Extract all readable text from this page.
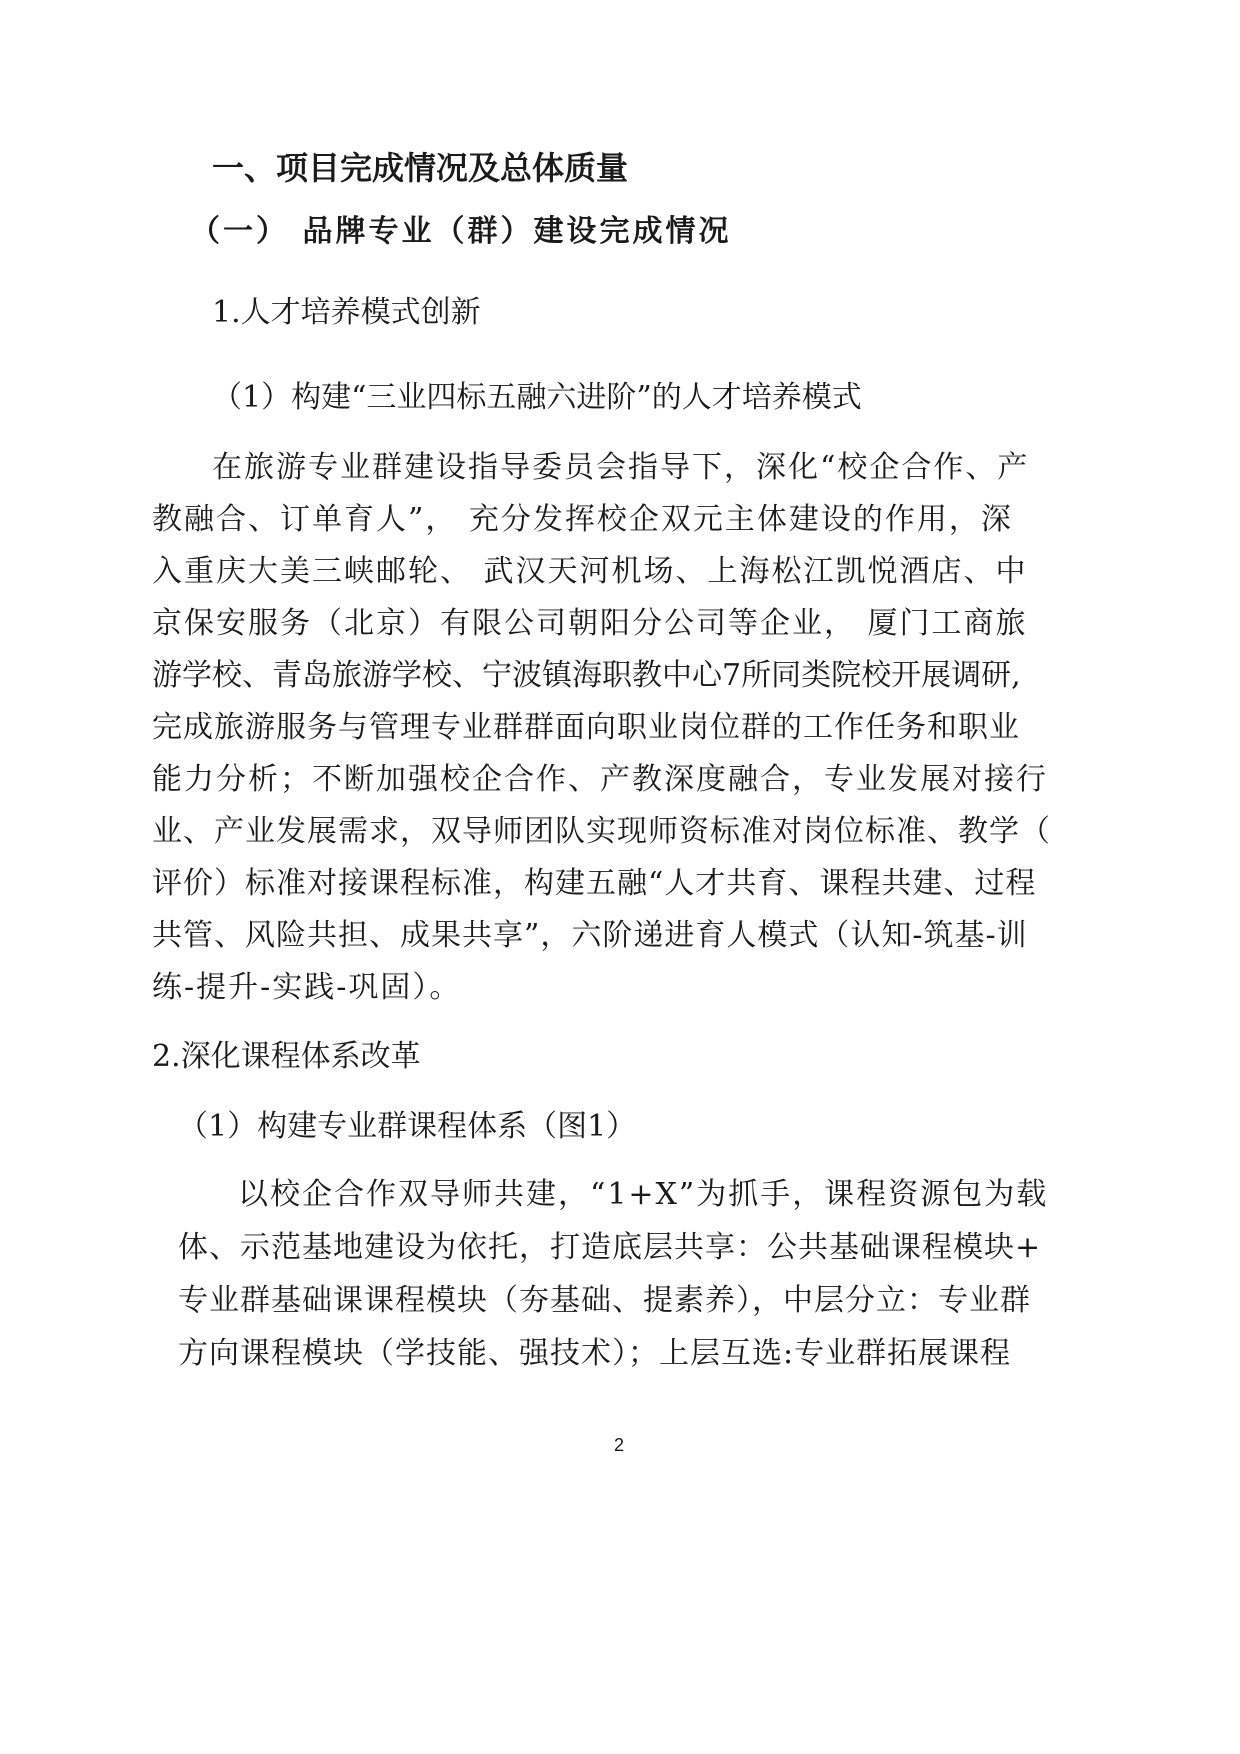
一、项目完成情况及总体质量
（一） 品牌专业（群）建设完成情况
1.人才培养模式创新
（1）构建“三业四标五融六进阶”的人才培养模式
在旅游专业群建设指导委员会指导下，深化“校企合作、产
教融合、订单育人”， 充分发挥校企双元主体建设的作用，深
入重庆大美三峡邮轮、 武汉天河机场、上海松江凯悦酒店、中
京保安服务（北京）有限公司朝阳分公司等企业， 厦门工商旅
游学校、青岛旅游学校、宁波镇海职教中心7所同类院校开展调研,
完成旅游服务与管理专业群群面向职业岗位群的工作任务和职业
能力分析；不断加强校企合作、产教深度融合，专业发展对接行
业、产业发展需求，双导师团队实现师资标准对岗位标准、教学（
评价）标准对接课程标准，构建五融“人才共育、课程共建、过程
共管、风险共担、成果共享”，六阶递进育人模式（认知-筑基-训
练-提升-实践-巩固）。
2.深化课程体系改革
（1）构建专业群课程体系（图1）
以校企合作双导师共建，“1+X”为抓手，课程资源包为载
体、示范基地建设为依托，打造底层共享：公共基础课程模块+
专业群基础课课程模块（夯基础、提素养），中层分立：专业群
方向课程模块（学技能、强技术）；上层互选:专业群拓展课程
2
